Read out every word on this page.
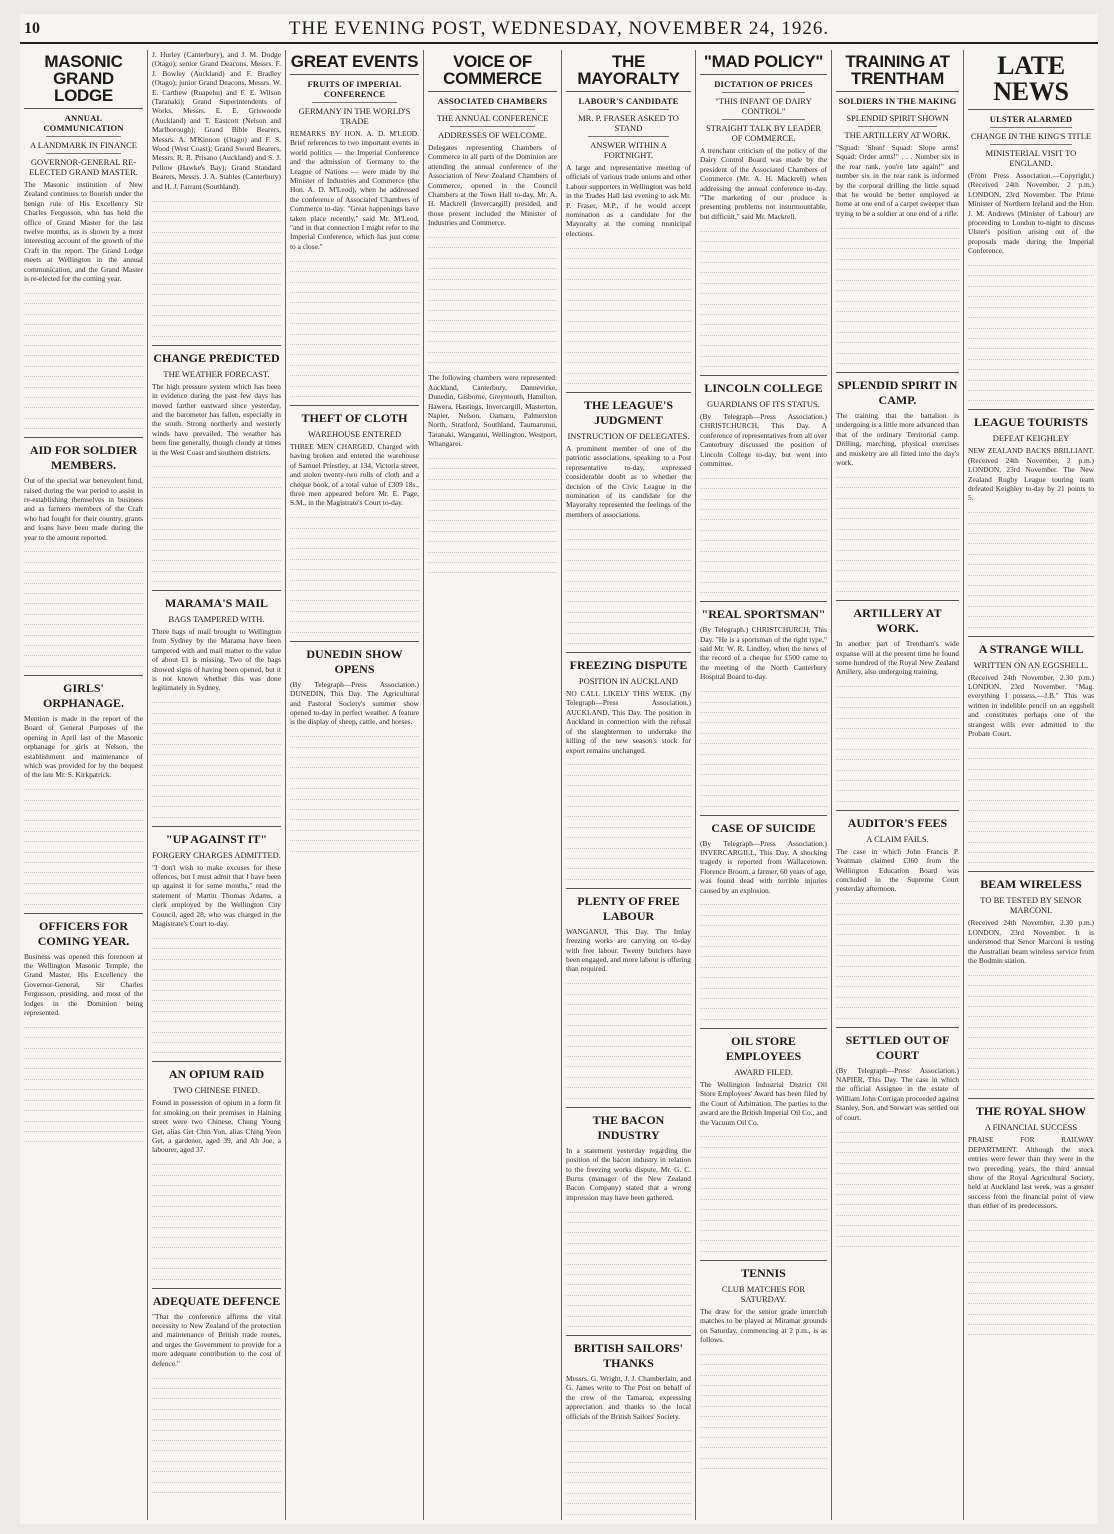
10	THE EVENING POST, WEDNESDAY, NOVEMBER 24, 1926.
MASONIC GRAND LODGE
ANNUAL COMMUNICATION
A LANDMARK IN FINANCE
GOVERNOR-GENERAL RE-ELECTED GRAND MASTER.
The Masonic institution of New Zealand continues to flourish under the benign rule of His Excellency Sir Charles Fergusson, who has held the office of Grand Master for the last twelve months, as is shown by a most interesting account of the growth of the Craft in the report. The Grand Lodge meets at Wellington in the annual communication, and the Grand Master is re-elected for the coming year.

AID FOR SOLDIER MEMBERS.
Out of the special war benevolent fund, raised during the war period to assist in re-establishing themselves in business and as farmers members of the Craft who had fought for their country, grants and loans have been made during the year to the amount reported.

GIRLS' ORPHANAGE.
Mention is made in the report of the Board of General Purposes of the opening in April last of the Masonic orphanage for girls at Nelson, the establishment and maintenance of which was provided for by the bequest of the late Mr. S. Kirkpatrick.

OFFICERS FOR COMING YEAR.
Business was opened this forenoon at the Wellington Masonic Temple, the Grand Master, His Excellency the Governor-General, Sir Charles Fergusson, presiding, and most of the lodges in the Dominion being represented.

J. Hurley (Canterbury), and J. M. Dodge (Otago); senior Grand Deacons, Messrs. F. J. Bowley (Auckland) and F. Bradley (Otago); junior Grand Deacons, Messrs. W. E. Carthew (Ruapehu) and F. E. Wilson (Taranaki); Grand Superintendents of Works, Messrs. E. E. Griswoode (Auckland) and T. Eastcott (Nelson and Marlborough); Grand Bible Bearers, Messrs. A. M'Kinnon (Otago) and F. S. Wood (West Coast); Grand Sword Bearers, Messrs. R. R. Prisano (Auckland) and S. J. Pellow (Hawke's Bay); Grand Standard Bearers, Messrs. J. A. Stables (Canterbury) and H. J. Farrant (Southland).

CHANGE PREDICTED
THE WEATHER FORECAST.
The high pressure system which has been in evidence during the past few days has moved farther eastward since yesterday, and the barometer has fallen, especially in the south. Strong northerly and westerly winds have prevailed. The weather has been fine generally, though cloudy at times in the West Coast and southern districts.

MARAMA'S MAIL
BAGS TAMPERED WITH.
Three bags of mail brought to Wellington from Sydney by the Marama have been tampered with and mail matter to the value of about £1 is missing. Two of the bags showed signs of having been opened, but it is not known whether this was done legitimately in Sydney.

"UP AGAINST IT"
FORGERY CHARGES ADMITTED.
"I don't wish to make excuses for these offences, but I must admit that I have been up against it for some months," read the statement of Martin Thomas Adams, a clerk employed by the Wellington City Council, aged 28, who was charged in the Magistrate's Court to-day.

AN OPIUM RAID
TWO CHINESE FINED.
Found in possession of opium in a form fit for smoking on their premises in Haining street were two Chinese, Chung Young Get, alias Get Chin Yon, alias Ching Yeon Get, a gardener, aged 39, and Ah Joe, a labourer, aged 37.

ADEQUATE DEFENCE
"That the conference affirms the vital necessity to New Zealand of the protection and maintenance of British trade routes, and urges the Government to provide for a more adequate contribution to the cost of defence."

GREAT EVENTS
FRUITS OF IMPERIAL CONFERENCE
GERMANY IN THE WORLD'S TRADE
REMARKS BY HON. A. D. M'LEOD. Brief references to two important events in world politics — the Imperial Conference and the admission of Germany to the League of Nations — were made by the Minister of Industries and Commerce (the Hon. A. D. M'Leod), when he addressed the conference of Associated Chambers of Commerce to-day. "Great happenings have taken place recently," said Mr. M'Leod, "and in that connection I might refer to the Imperial Conference, which has just come to a close."

THEFT OF CLOTH
WAREHOUSE ENTERED
THREE MEN CHARGED. Charged with having broken and entered the warehouse of Samuel Priestley, at 134, Victoria street, and stolen twenty-two rolls of cloth and a cheque book, of a total value of £309 18s., three men appeared before Mr. E. Page, S.M., in the Magistrate's Court to-day.

DUNEDIN SHOW OPENS
(By Telegraph—Press Association.) DUNEDIN, This Day. The Agricultural and Pastoral Society's summer show opened to-day in perfect weather. A feature is the display of sheep, cattle, and horses.

VOICE OF COMMERCE
ASSOCIATED CHAMBERS
THE ANNUAL CONFERENCE
ADDRESSES OF WELCOME.
Delegates representing Chambers of Commerce in all parts of the Dominion are attending the annual conference of the Association of New Zealand Chambers of Commerce, opened in the Council Chambers at the Town Hall to-day. Mr. A. H. Mackrell (Invercargill) presided, and those present included the Minister of Industries and Commerce.

The following chambers were represented: Auckland, Canterbury, Dannevirke, Dunedin, Gisborne, Greymouth, Hamilton, Hawera, Hastings, Invercargill, Masterton, Napier, Nelson, Oamaru, Palmerston North, Stratford, Southland, Taumarunui, Taranaki, Wanganui, Wellington, Westport, Whangarei.

THE MAYORALTY
LABOUR'S CANDIDATE
MR. P. FRASER ASKED TO STAND
ANSWER WITHIN A FORTNIGHT.
A large and representative meeting of officials of various trade unions and other Labour supporters in Wellington was held in the Trades Hall last evening to ask Mr. P. Fraser, M.P., if he would accept nomination as a candidate for the Mayoralty at the coming municipal elections.

THE LEAGUE'S JUDGMENT
INSTRUCTION OF DELEGATES.
A prominent member of one of the patriotic associations, speaking to a Post representative to-day, expressed considerable doubt as to whether the decision of the Civic League in the nomination of its candidate for the Mayoralty represented the feelings of the members of associations.

FREEZING DISPUTE
POSITION IN AUCKLAND
NO CALL LIKELY THIS WEEK. (By Telegraph—Press Association.) AUCKLAND, This Day. The position in Auckland in connection with the refusal of the slaughtermen to undertake the killing of the new season's stock for export remains unchanged.

PLENTY OF FREE LABOUR
WANGANUI, This Day. The Imlay freezing works are carrying on to-day with free labour. Twenty butchers have been engaged, and more labour is offering than required.

THE BACON INDUSTRY
In a statement yesterday regarding the position of the bacon industry in relation to the freezing works dispute, Mr. G. C. Burns (manager of the New Zealand Bacon Company) stated that a wrong impression may have been gathered.

BRITISH SAILORS' THANKS
Messrs. G. Wright, J. J. Chamberlain, and G. James write to The Post on behalf of the crew of the Tamaroa, expressing appreciation and thanks to the local officials of the British Sailors' Society.

"MAD POLICY"
DICTATION OF PRICES
"THIS INFANT OF DAIRY CONTROL"
STRAIGHT TALK BY LEADER OF COMMERCE.
A trenchant criticism of the policy of the Dairy Control Board was made by the president of the Associated Chambers of Commerce (Mr. A. H. Mackrell) when addressing the annual conference to-day. "The marketing of our produce is presenting problems not insurmountable, but difficult," said Mr. Mackrell.

LINCOLN COLLEGE
GUARDIANS OF ITS STATUS.
(By Telegraph—Press Association.) CHRISTCHURCH, This Day. A conference of representatives from all over Canterbury discussed the position of Lincoln College to-day, but went into committee.

"REAL SPORTSMAN"
(By Telegraph.) CHRISTCHURCH, This Day. "He is a sportsman of the right type," said Mr. W. R. Lindley, when the news of the record of a cheque for £500 came to the meeting of the North Canterbury Hospital Board to-day.

CASE OF SUICIDE
(By Telegraph—Press Association.) INVERCARGILL, This Day. A shocking tragedy is reported from Wallacetown. Florence Broom, a farmer, 60 years of age, was found dead with terrible injuries caused by an explosion.

OIL STORE EMPLOYEES
AWARD FILED.
The Wellington Industrial District Oil Store Employees' Award has been filed by the Court of Arbitration. The parties to the award are the British Imperial Oil Co., and the Vacuum Oil Co.

TENNIS
CLUB MATCHES FOR SATURDAY.
The draw for the senior grade interclub matches to be played at Miramar grounds on Saturday, commencing at 2 p.m., is as follows.

TRAINING AT TRENTHAM
SOLDIERS IN THE MAKING
SPLENDID SPIRIT SHOWN
THE ARTILLERY AT WORK.
"Squad: 'Shun! Squad: Slope arms! Squad: Order arms!" . . . Number six in the rear rank, you're late again!" and number six in the rear rank is informed by the corporal drilling the little squad that he would be better employed at home at one end of a carpet sweeper than trying to be a soldier at one end of a rifle.

SPLENDID SPIRIT IN CAMP.
The training that the battalion is undergoing is a little more advanced than that of the ordinary Territorial camp. Drilling, marching, physical exercises and musketry are all fitted into the day's work.

ARTILLERY AT WORK.
In another part of Trentham's wide expanse will at the present time be found some hundred of the Royal New Zealand Artillery, also undergoing training.

AUDITOR'S FEES
A CLAIM FAILS.
The case in which John Francis P. Yeatman claimed £360 from the Wellington Education Board was concluded in the Supreme Court yesterday afternoon.

SETTLED OUT OF COURT
(By Telegraph—Press Association.) NAPIER, This Day. The case in which the official Assignee in the estate of William John Corrigan proceeded against Stanley, Son, and Stewart was settled out of court.

LATE NEWS
ULSTER ALARMED
CHANGE IN THE KING'S TITLE
MINISTERIAL VISIT TO ENGLAND.
(From Press Association.—Copyright.) (Received 24th November, 2 p.m.) LONDON, 23rd November. The Prime Minister of Northern Ireland and the Hon. J. M. Andrews (Minister of Labour) are proceeding to London to-night to discuss Ulster's position arising out of the proposals made during the Imperial Conference.

LEAGUE TOURISTS
DEFEAT KEIGHLEY
NEW ZEALAND BACKS BRILLIANT. (Received 24th November, 2 p.m.) LONDON, 23rd November. The New Zealand Rugby League touring team defeated Keighley to-day by 21 points to 5.

A STRANGE WILL
WRITTEN ON AN EGGSHELL.
(Received 24th November, 2.30 p.m.) LONDON, 23rd November. "Mag. everything I possess.—J.B." This was written in indelible pencil on an eggshell and constitutes perhaps one of the strangest wills ever admitted to the Probate Court.

BEAM WIRELESS
TO BE TESTED BY SENOR MARCONI.
(Received 24th November, 2.30 p.m.) LONDON, 23rd November. It is understood that Senor Marconi is testing the Australian beam wireless service from the Bodmin station.

THE ROYAL SHOW
A FINANCIAL SUCCESS
PRAISE FOR RAILWAY DEPARTMENT. Although the stock entries were fewer than they were in the two preceding years, the third annual show of the Royal Agricultural Society, held at Auckland last week, was a greater success from the financial point of view than either of its predecessors.
